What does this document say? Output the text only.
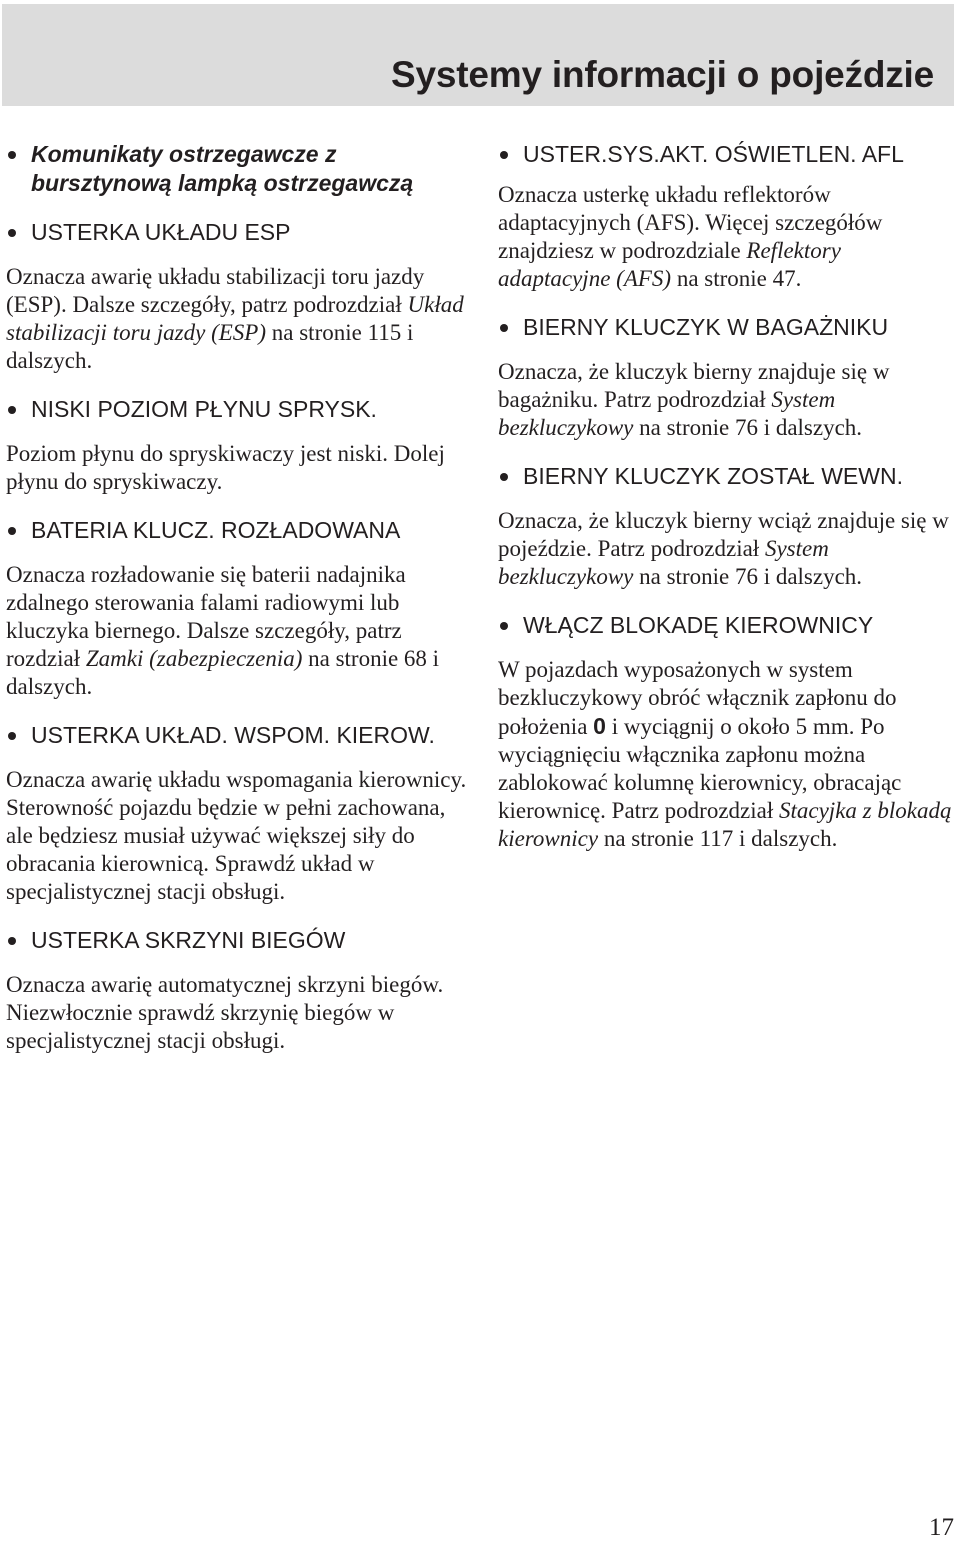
Systemy informacji o pojeździe
Komunikaty ostrzegawcze z bursztynową lampką ostrzegawczą
USTERKA UKŁADU ESP

Oznacza awarię układu stabilizacji toru jazdy (ESP). Dalsze szczegóły, patrz podrozdział Układ stabilizacji toru jazdy (ESP) na stronie 115 i dalszych.

NISKI POZIOM PŁYNU SPRYSK.

Poziom płynu do spryskiwaczy jest niski. Dolej płynu do spryskiwaczy.

BATERIA KLUCZ. ROZŁADOWANA

Oznacza rozładowanie się baterii nadajnika zdalnego sterowania falami radiowymi lub kluczyka biernego. Dalsze szczegóły, patrz rozdział Zamki (zabezpieczenia) na stronie 68 i dalszych.

USTERKA UKŁAD. WSPOM. KIEROW.

Oznacza awarię układu wspomagania kierownicy. Sterowność pojazdu będzie w pełni zachowana, ale będziesz musiał używać większej siły do obracania kierownicą. Sprawdź układ w specjalistycznej stacji obsługi.

USTERKA SKRZYNI BIEGÓW

Oznacza awarię automatycznej skrzyni biegów. Niezwłocznie sprawdź skrzynię biegów w specjalistycznej stacji obsługi.

USTER.SYS.AKT. OŚWIETLEN. AFL

Oznacza usterkę układu reflektorów adaptacyjnych (AFS). Więcej szczegółów znajdziesz w podrozdziale Reflektory adaptacyjne (AFS) na stronie 47.

BIERNY KLUCZYK W BAGAŻNIKU

Oznacza, że kluczyk bierny znajduje się w bagażniku. Patrz podrozdział System bezkluczykowy na stronie 76 i dalszych.

BIERNY KLUCZYK ZOSTAŁ WEWN.

Oznacza, że kluczyk bierny wciąż znajduje się w pojeździe. Patrz podrozdział System bezkluczykowy na stronie 76 i dalszych.

WŁĄCZ BLOKADĘ KIEROWNICY

W pojazdach wyposażonych w system bezkluczykowy obróć włącznik zapłonu do położenia 0 i wyciągnij o około 5 mm. Po wyciągnięciu włącznika zapłonu można zablokować kolumnę kierownicy, obracając kierownicę. Patrz podrozdział Stacyjka z blokadą kierownicy na stronie 117 i dalszych.

17
